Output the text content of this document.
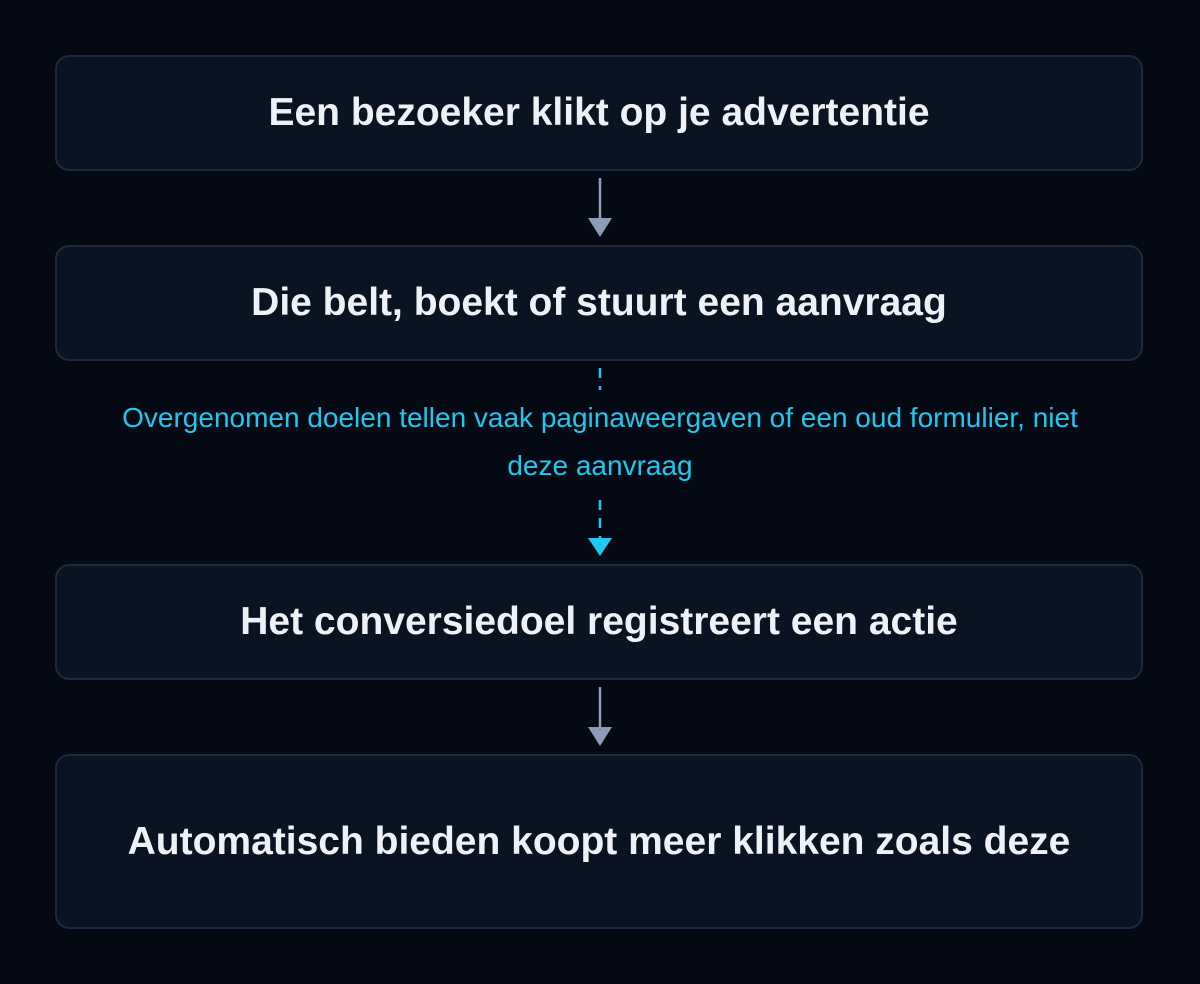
Een bezoeker klikt op je advertentie
Die belt, boekt of stuurt een aanvraag
Overgenomen doelen tellen vaak paginaweergaven of een oud formulier, niet deze aanvraag
Het conversiedoel registreert een actie
Automatisch bieden koopt meer klikken zoals deze
